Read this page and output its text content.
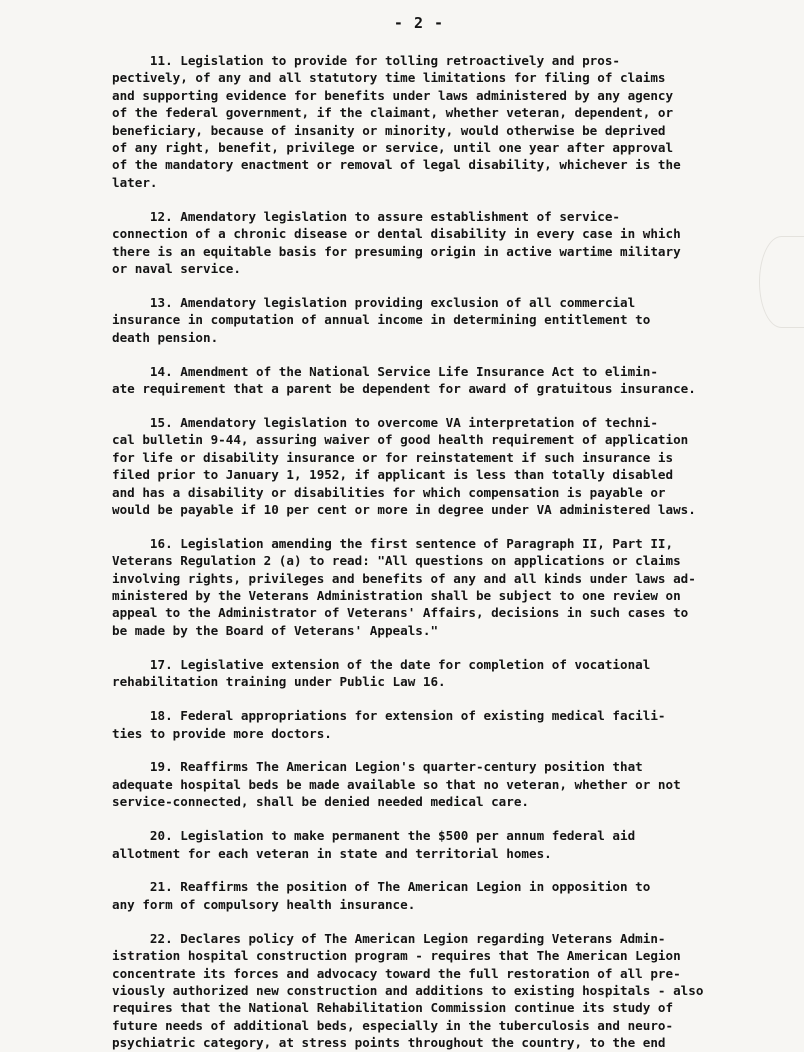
- 2 -

11. Legislation to provide for tolling retroactively and pros-
pectively, of any and all statutory time limitations for filing of claims
and supporting evidence for benefits under laws administered by any agency
of the federal government, if the claimant, whether veteran, dependent, or
beneficiary, because of insanity or minority, would otherwise be deprived
of any right, benefit, privilege or service, until one year after approval
of the mandatory enactment or removal of legal disability, whichever is the
later.

12. Amendatory legislation to assure establishment of service-
connection of a chronic disease or dental disability in every case in which
there is an equitable basis for presuming origin in active wartime military
or naval service.

13. Amendatory legislation providing exclusion of all commercial
insurance in computation of annual income in determining entitlement to
death pension.

14. Amendment of the National Service Life Insurance Act to elimin-
ate requirement that a parent be dependent for award of gratuitous insurance.

15. Amendatory legislation to overcome VA interpretation of techni-
cal bulletin 9-44, assuring waiver of good health requirement of application
for life or disability insurance or for reinstatement if such insurance is
filed prior to January 1, 1952, if applicant is less than totally disabled
and has a disability or disabilities for which compensation is payable or
would be payable if 10 per cent or more in degree under VA administered laws.

16. Legislation amending the first sentence of Paragraph II, Part II,
Veterans Regulation 2 (a) to read: "All questions on applications or claims
involving rights, privileges and benefits of any and all kinds under laws ad-
ministered by the Veterans Administration shall be subject to one review on
appeal to the Administrator of Veterans' Affairs, decisions in such cases to
be made by the Board of Veterans' Appeals."

17. Legislative extension of the date for completion of vocational
rehabilitation training under Public Law 16.

18. Federal appropriations for extension of existing medical facili-
ties to provide more doctors.

19. Reaffirms The American Legion's quarter-century position that
adequate hospital beds be made available so that no veteran, whether or not
service-connected, shall be denied needed medical care.

20. Legislation to make permanent the $500 per annum federal aid
allotment for each veteran in state and territorial homes.

21. Reaffirms the position of The American Legion in opposition to
any form of compulsory health insurance.

22. Declares policy of The American Legion regarding Veterans Admin-
istration hospital construction program - requires that The American Legion
concentrate its forces and advocacy toward the full restoration of all pre-
viously authorized new construction and additions to existing hospitals - also
requires that the National Rehabilitation Commission continue its study of
future needs of additional beds, especially in the tuberculosis and neuro-
psychiatric category, at stress points throughout the country, to the end
